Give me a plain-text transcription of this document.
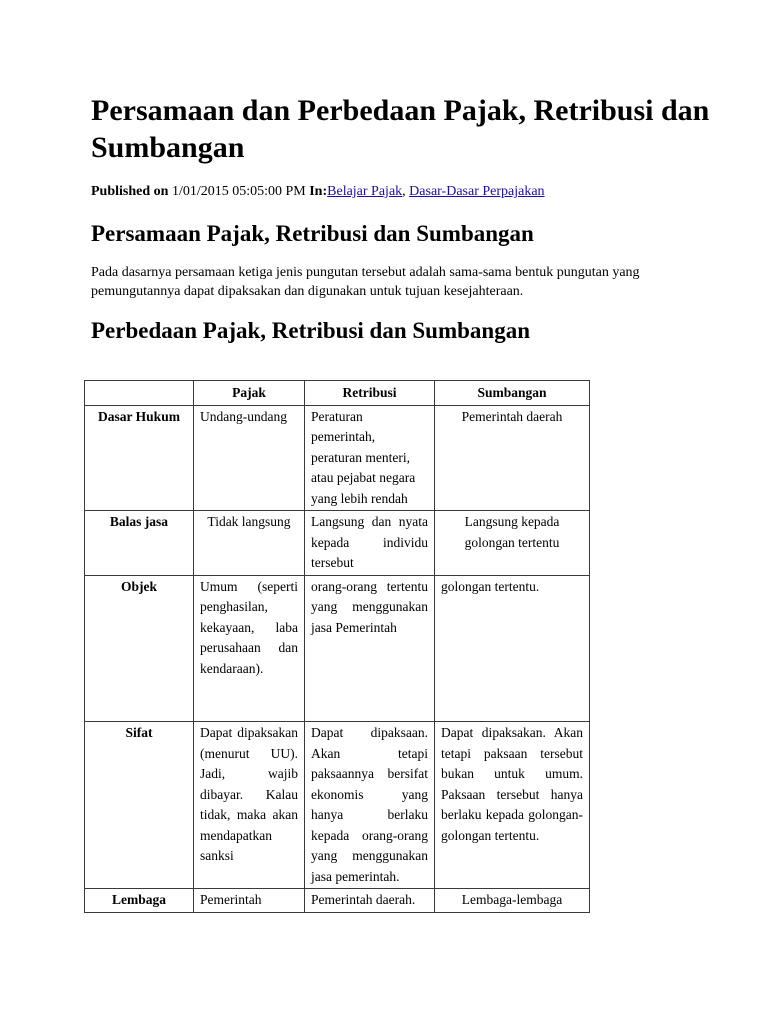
Persamaan dan Perbedaan Pajak, Retribusi dan Sumbangan
Published on 1/01/2015 05:05:00 PM In:Belajar Pajak, Dasar-Dasar Perpajakan
Persamaan Pajak, Retribusi dan Sumbangan

Pada dasarnya persamaan ketiga jenis pungutan tersebut adalah sama-sama bentuk pungutan yang pemungutannya dapat dipaksakan dan digunakan untuk tujuan kesejahteraan.

Perbedaan Pajak, Retribusi dan Sumbangan
	Pajak	Retribusi	Sumbangan
Dasar Hukum	Undang-undang	Peraturan pemerintah, peraturan menteri, atau pejabat negara yang lebih rendah	Pemerintah daerah
Balas jasa	Tidak langsung	Langsung dan nyata kepada individu tersebut	Langsung kepada golongan tertentu
Objek	Umum (seperti penghasilan, kekayaan, laba perusahaan dan kendaraan).	orang-orang tertentu yang menggunakan jasa Pemerintah	golongan tertentu.
Sifat	Dapat dipaksakan (menurut UU). Jadi, wajib dibayar. Kalau tidak, maka akan mendapatkan sanksi	Dapat dipaksaan. Akan tetapi paksaannya bersifat ekonomis yang hanya berlaku kepada orang-orang yang menggunakan jasa pemerintah.	Dapat dipaksakan. Akan tetapi paksaan tersebut bukan untuk umum. Paksaan tersebut hanya berlaku kepada golongan-golongan tertentu.
Lembaga	Pemerintah	Pemerintah daerah.	Lembaga-lembaga
